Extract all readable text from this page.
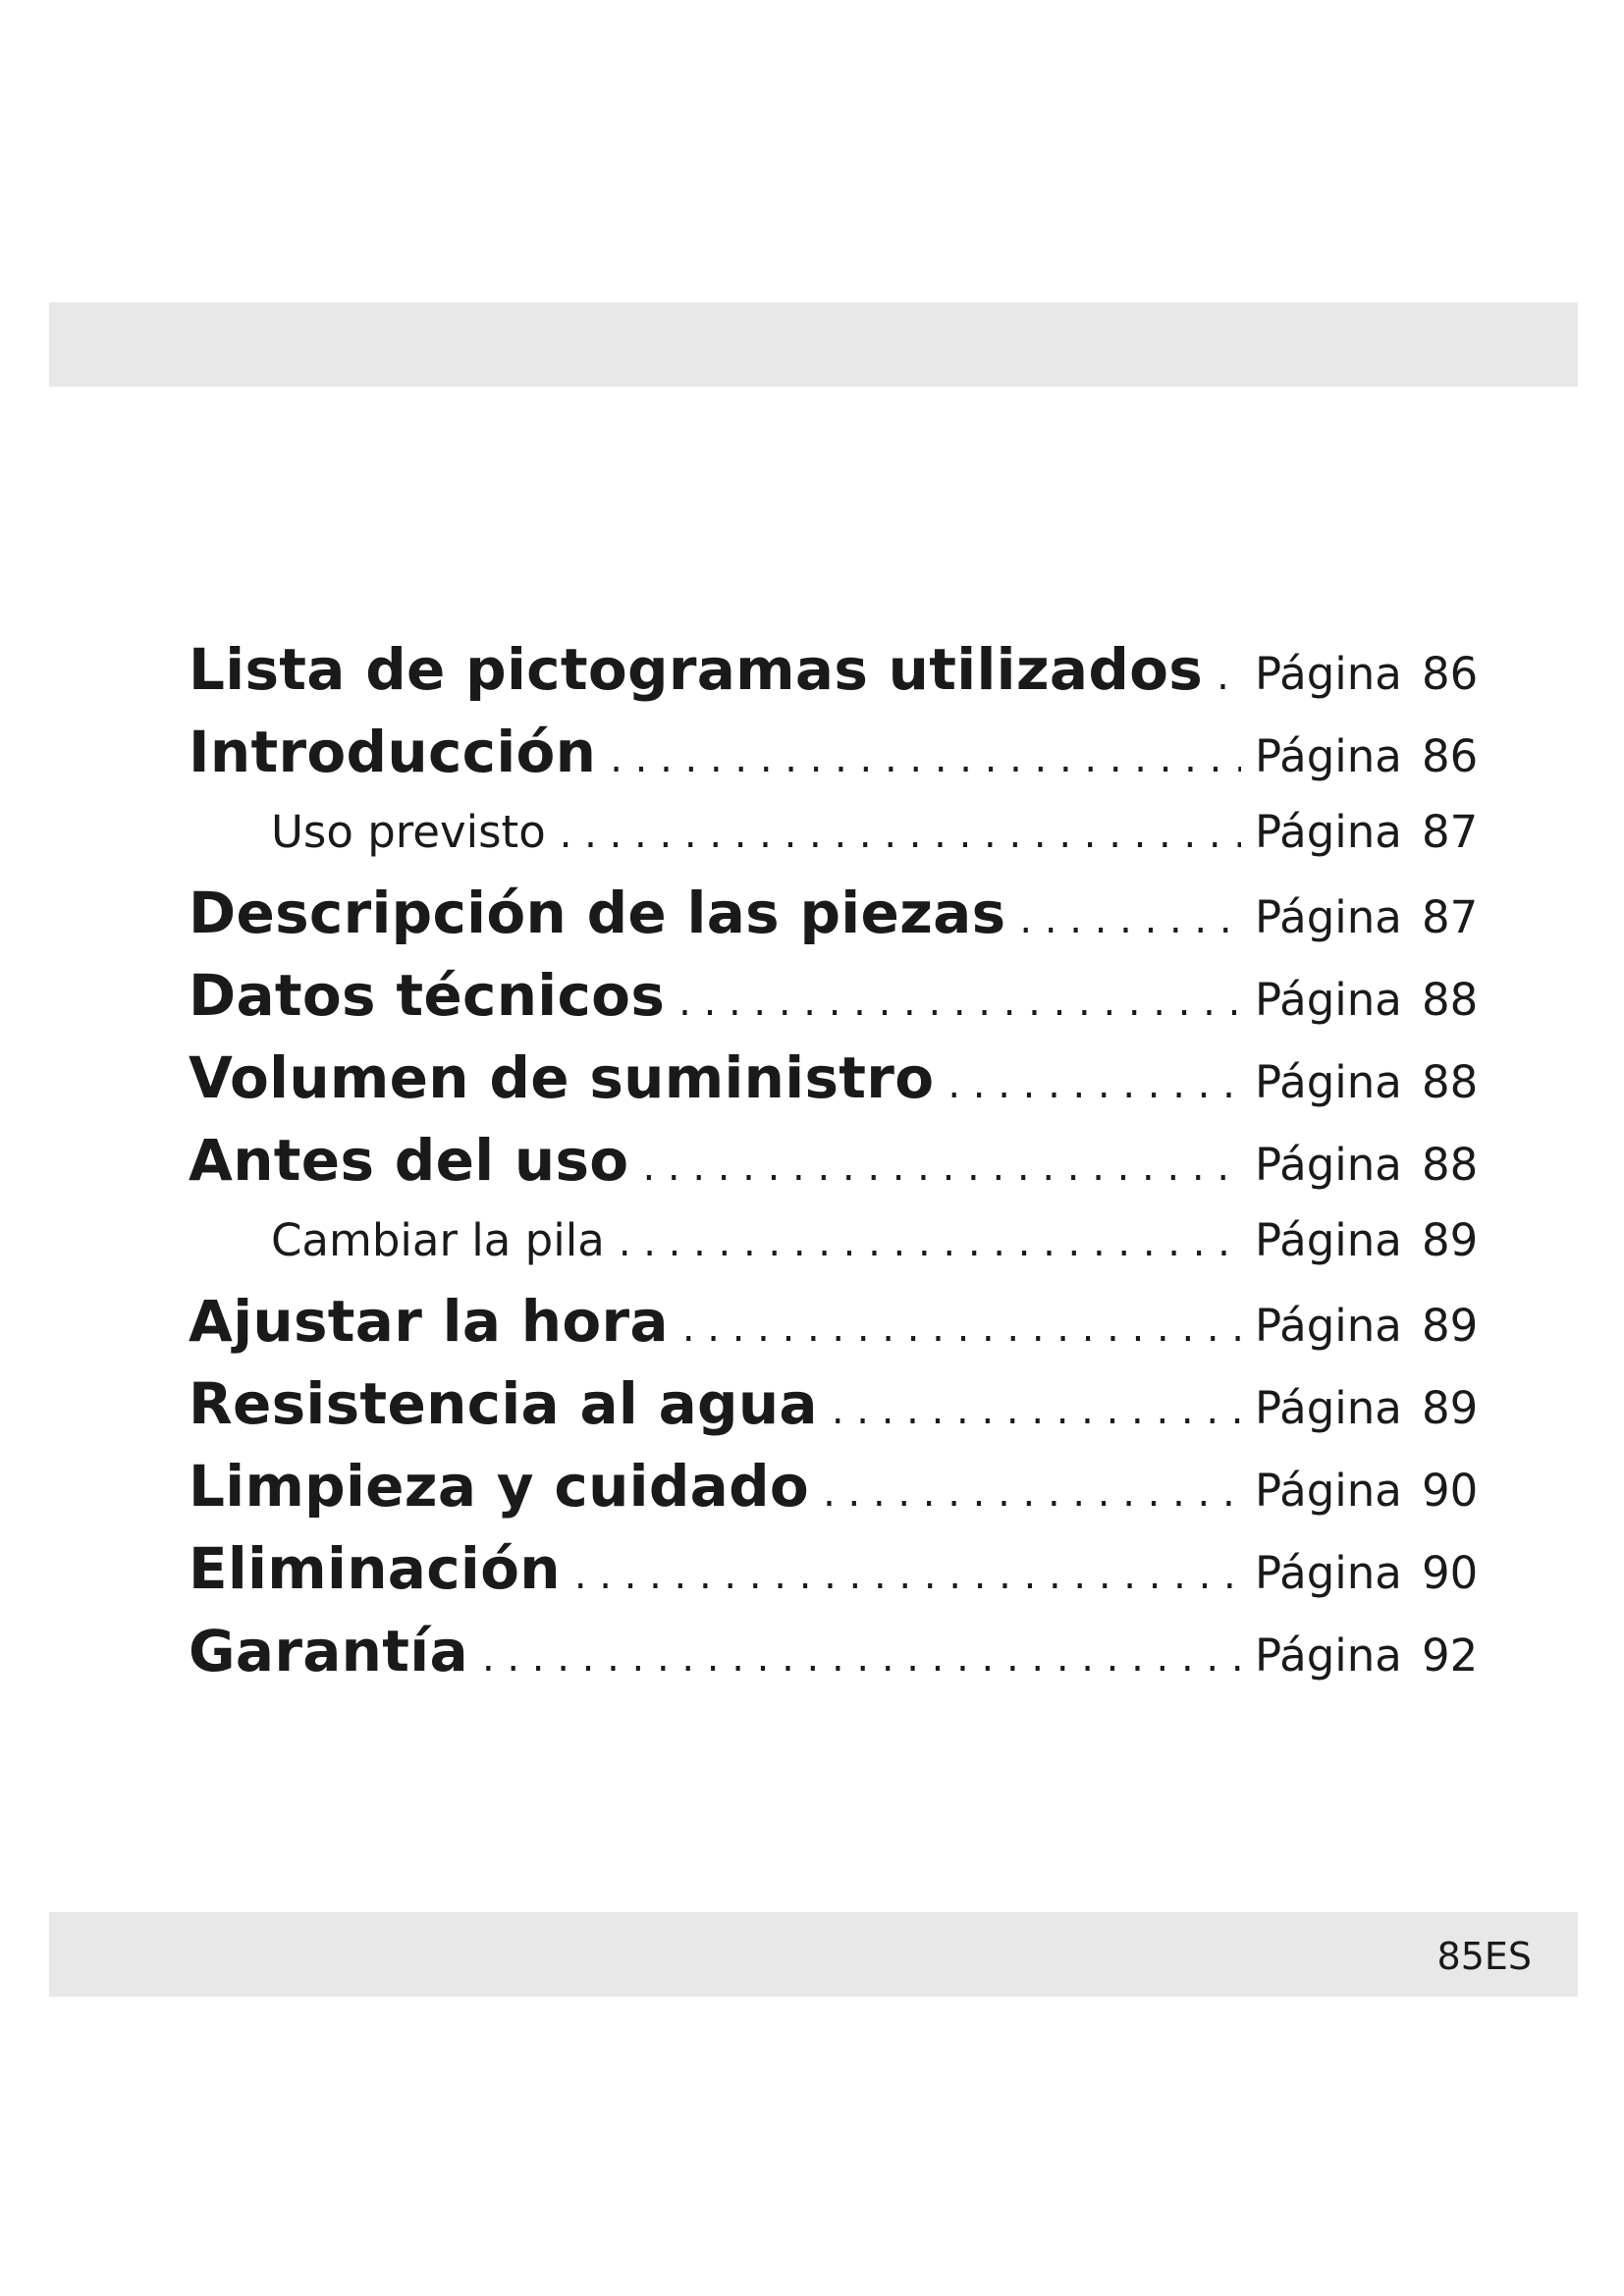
Lista de pictogramas utilizados . . .	Página 86
Introducción . . .	Página 86
Uso previsto . . .	Página 87
Descripción de las piezas . . .	Página 87
Datos técnicos . . .	Página 88
Volumen de suministro . . .	Página 88
Antes del uso . . .	Página 88
Cambiar la pila . . .	Página 89
Ajustar la hora . . .	Página 89
Resistencia al agua . . .	Página 89
Limpieza y cuidado . . .	Página 90
Eliminación . . .	Página 90
Garantía . . .	Página 92
85ES
